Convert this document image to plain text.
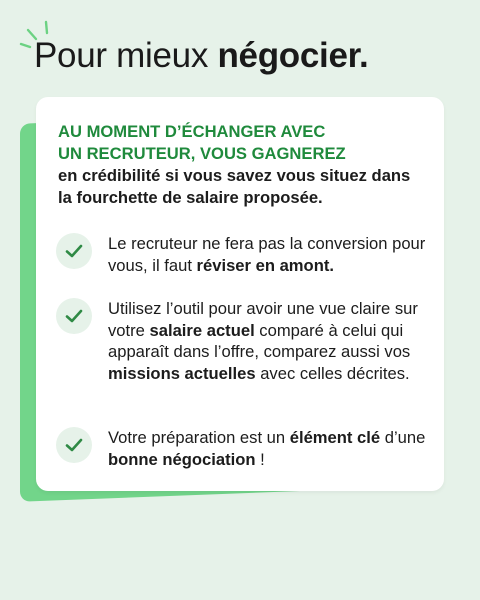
Pour mieux négocier.
AU MOMENT D’ÉCHANGER AVEC
UN RECRUTEUR, VOUS GAGNEREZ
en crédibilité si vous savez vous situez dans la fourchette de salaire proposée.
Le recruteur ne fera pas la conversion pour vous, il faut réviser en amont.
Utilisez l’outil pour avoir une vue claire sur votre salaire actuel comparé à celui qui apparaît dans l’offre, comparez aussi vos missions actuelles avec celles décrites.
Votre préparation est un élément clé d’une bonne négociation !
